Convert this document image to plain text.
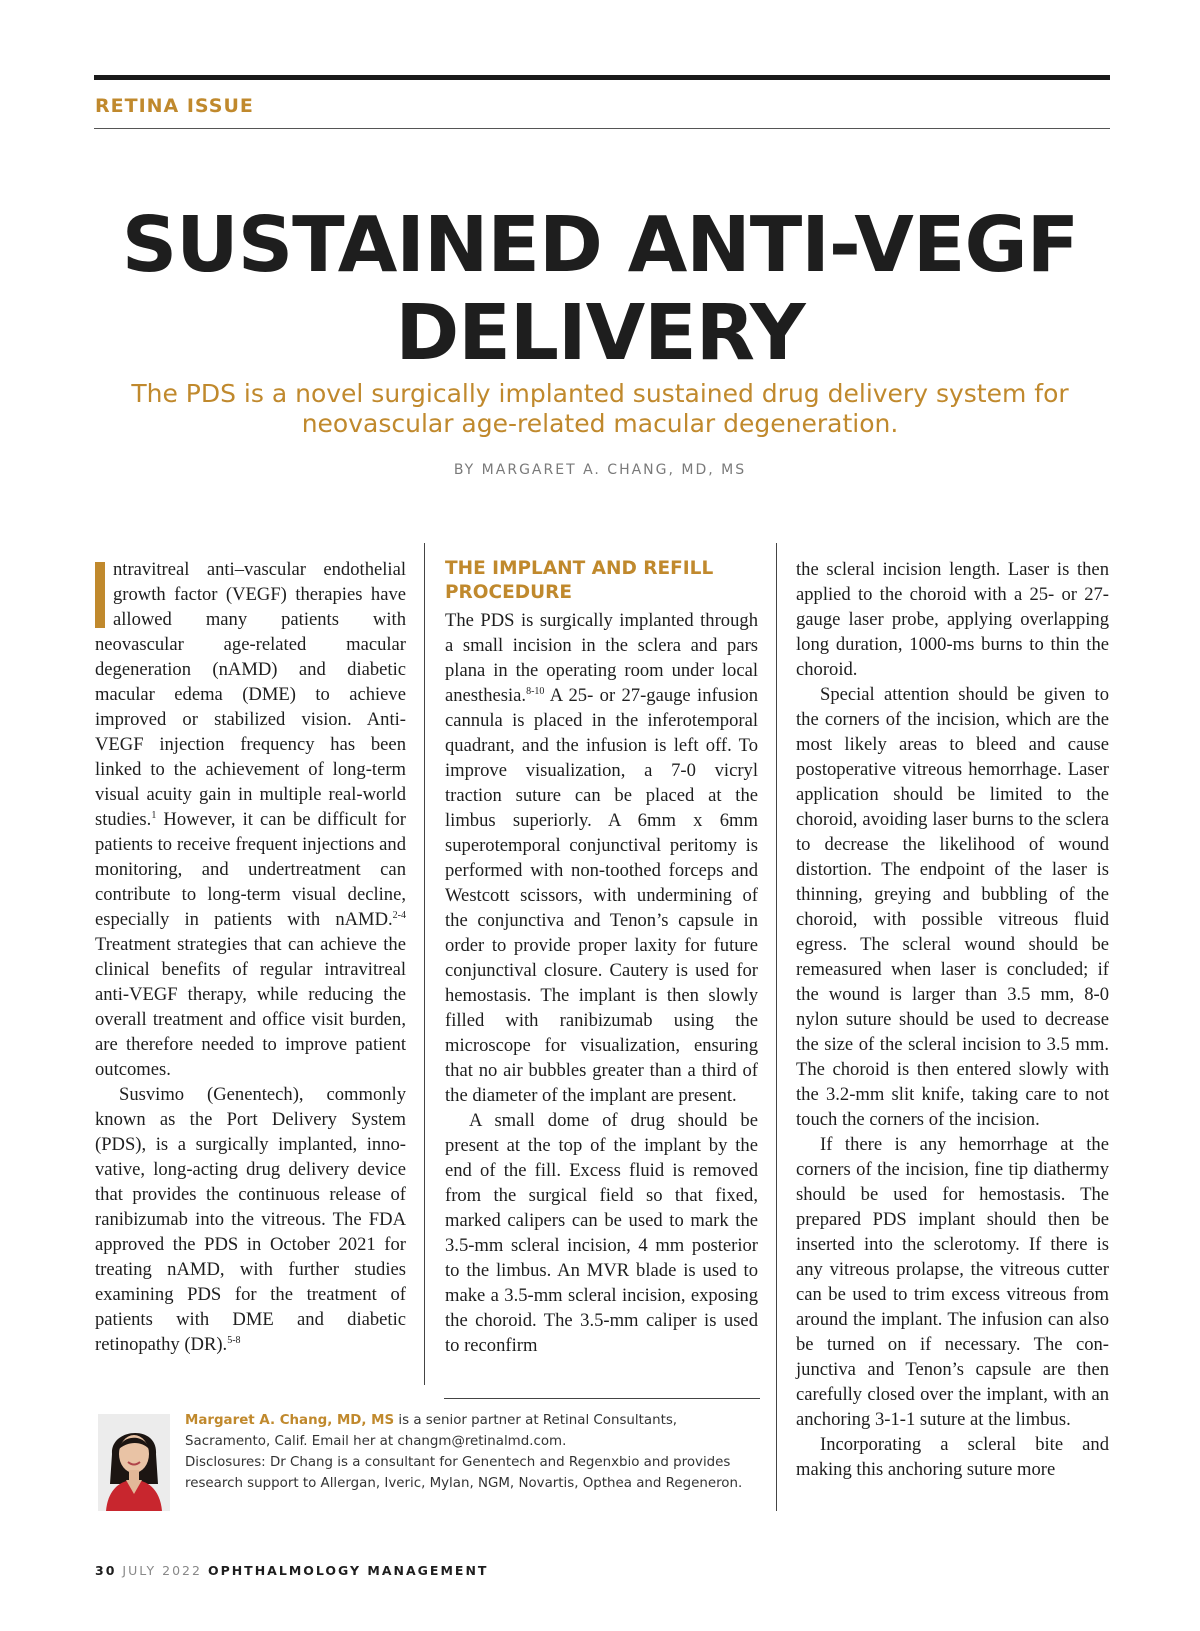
RETINA ISSUE
SUSTAINED ANTI-VEGF
DELIVERY

The PDS is a novel surgically implanted sustained drug delivery system for neovascular age-related macular degeneration.

BY MARGARET A. CHANG, MD, MS

ntravitreal anti–vascular endothelial growth factor (VEGF) therapies have allowed many patients with neovascular age-related macular degeneration (nAMD) and diabetic macular edema (DME) to achieve improved or stabilized vision. Anti-VEGF injection frequency has been linked to the achievement of long-term visual acuity gain in multiple real-world studies.$^1$ However, it can be difficult for patients to receive frequent injections and monitoring, and undertreatment can contribute to long-term visual decline, especially in patients with nAMD.$^{2-4}$ Treatment strategies that can achieve the clinical benefits of regular intravitreal anti-VEGF therapy, while reducing the overall treatment and office visit burden, are therefore needed to improve patient outcomes.

Susvimo (Genentech), commonly known as the Port Delivery System (PDS), is a surgically implanted, innovative, long-acting drug delivery device that provides the continuous release of ranibizumab into the vitreous. The FDA approved the PDS in October 2021 for treating nAMD, with further studies examining PDS for the treatment of patients with DME and diabetic retinopathy (DR).$^{5-8}$

THE IMPLANT AND REFILL PROCEDURE

The PDS is surgically implanted through a small incision in the sclera and pars plana in the operating room under local anesthesia.$^{8-10}$ A 25- or 27-gauge infusion cannula is placed in the inferotemporal quadrant, and the infusion is left off. To improve visualization, a 7-0 vicryl traction suture can be placed at the limbus superiorly. A 6mm x 6mm superotemporal conjunctival peritomy is performed with non-toothed forceps and Westcott scissors, with undermining of the conjunctiva and Tenon’s capsule in order to provide proper laxity for future conjunctival closure. Cautery is used for hemostasis. The implant is then slowly filled with ranibizumab using the microscope for visualization, ensuring that no air bubbles greater than a third of the diameter of the implant are present.

A small dome of drug should be present at the top of the implant by the end of the fill. Excess fluid is removed from the surgical field so that fixed, marked calipers can be used to mark the 3.5-mm scleral incision, 4 mm posterior to the limbus. An MVR blade is used to make a 3.5-mm scleral incision, exposing the choroid. The 3.5-mm caliper is used to reconfirm

the scleral incision length. Laser is then applied to the choroid with a 25- or 27-gauge laser probe, applying overlapping long duration, 1000-ms burns to thin the choroid.

Special attention should be given to the corners of the incision, which are the most likely areas to bleed and cause postoperative vitreous hemorrhage. Laser application should be limited to the choroid, avoiding laser burns to the sclera to decrease the likelihood of wound distortion. The endpoint of the laser is thinning, greying and bubbling of the choroid, with possible vitreous fluid egress. The scleral wound should be remeasured when laser is concluded; if the wound is larger than 3.5 mm, 8-0 nylon suture should be used to decrease the size of the scleral incision to 3.5 mm. The choroid is then entered slowly with the 3.2-mm slit knife, taking care to not touch the corners of the incision.

If there is any hemorrhage at the corners of the incision, fine tip diathermy should be used for hemostasis. The prepared PDS implant should then be inserted into the sclerotomy. If there is any vitreous prolapse, the vitreous cutter can be used to trim excess vitreous from around the implant. The infusion can also be turned on if necessary. The conjunctiva and Tenon’s capsule are then carefully closed over the implant, with an anchoring 3-1-1 suture at the limbus.

Incorporating a scleral bite and making this anchoring suture more

Margaret A. Chang, MD, MS is a senior partner at Retinal Consultants, Sacramento, Calif. Email her at changm@retinalmd.com.

Disclosures: Dr Chang is a consultant for Genentech and Regenxbio and provides research support to Allergan, Iveric, Mylan, NGM, Novartis, Opthea and Regeneron.

30 JULY 2022 OPHTHALMOLOGY MANAGEMENT
